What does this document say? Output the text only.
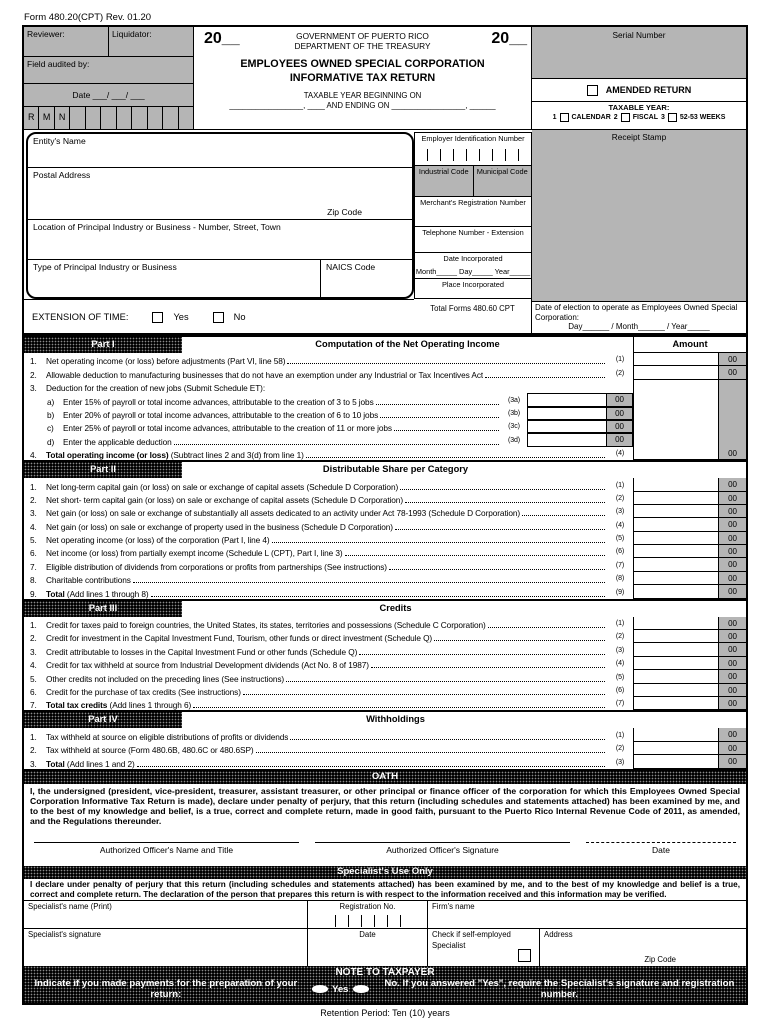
Form 480.20(CPT) Rev. 01.20
Reviewer:	Liquidator:
Field audited by:
Date ___/ ___/ ___
R M N
20__	GOVERNMENT OF PUERTO RICO
DEPARTMENT OF THE TREASURY	20__
EMPLOYEES OWNED SPECIAL CORPORATION
INFORMATIVE TAX RETURN
TAXABLE YEAR BEGINNING ON
_________________, ____ AND ENDING ON _________________, ______
Serial Number
AMENDED RETURN
TAXABLE YEAR:
1 CALENDAR 2 FISCAL 3 52-53 WEEKS
Receipt Stamp
Date of election to operate as Employees Owned Special Corporation:
Day______ / Month______ / Year_____
Entity's Name
Postal Address
Zip Code
Location of Principal Industry or Business - Number, Street, Town
Type of Principal Industry or Business	NAICS Code
Employer Identification Number
Industrial Code	Municipal Code
Merchant's Registration Number
Telephone Number - Extension
Date Incorporated
Month_____ Day_____ Year_____
Place Incorporated
Total Forms 480.60 CPT
EXTENSION OF TIME:	Yes	No
Part I	Computation of the Net Operating Income	Amount
1.	Net operating income (or loss) before adjustments (Part VI, line 58)	(1)	00
2.	Allowable deduction to manufacturing businesses that do not have an exemption under any Industrial or Tax Incentives Act	(2)	00
3.	Deduction for the creation of new jobs (Submit Schedule ET):
a)	Enter 15% of payroll or total income advances, attributable to the creation of 3 to 5 jobs	(3a)	00
b)	Enter 20% of payroll or total income advances, attributable to the creation of 6 to 10 jobs	(3b)	00
c)	Enter 25% of payroll or total income advances, attributable to the creation of 11 or more jobs	(3c)	00
d)	Enter the applicable deduction	(3d)	00
4.	Total operating income (or loss) (Subtract lines 2 and 3(d) from line 1)	(4)	00
Part II	Distributable Share per Category
1.	Net long-term capital gain (or loss) on sale or exchange of capital assets (Schedule D Corporation)	(1)	00
2.	Net short- term capital gain (or loss) on sale or exchange of capital assets (Schedule D Corporation)	(2)	00
3.	Net gain (or loss) on sale or exchange of substantially all assets dedicated to an activity under Act 78-1993 (Schedule D Corporation)	(3)	00
4.	Net gain (or loss) on sale or exchange of property used in the business (Schedule D Corporation)	(4)	00
5.	Net operating income (or loss) of the corporation (Part I, line 4)	(5)	00
6.	Net income (or loss) from partially exempt income (Schedule L (CPT), Part I, line 3)	(6)	00
7.	Eligible distribution of dividends from corporations or profits from partnerships (See instructions)	(7)	00
8.	Charitable contributions	(8)	00
9.	Total (Add lines 1 through 8)	(9)	00
Part III	Credits
1.	Credit for taxes paid to foreign countries, the United States, its states, territories and possessions (Schedule C Corporation)	(1)	00
2.	Credit for investment in the Capital Investment Fund, Tourism, other funds or direct investment (Schedule Q)	(2)	00
3.	Credit attributable to losses in the Capital Investment Fund or other funds (Schedule Q)	(3)	00
4.	Credit for tax withheld at source from Industrial Development dividends (Act No. 8 of 1987)	(4)	00
5.	Other credits not included on the preceding lines (See instructions)	(5)	00
6.	Credit for the purchase of tax credits (See instructions)	(6)	00
7.	Total tax credits (Add lines 1 through 6)	(7)	00
Part IV	Withholdings
1.	Tax withheld at source on eligible distributions of profits or dividends	(1)	00
2.	Tax withheld at source (Form 480.6B, 480.6C or 480.6SP)	(2)	00
3.	Total (Add lines 1 and 2)	(3)	00
OATH
I, the undersigned (president, vice-president, treasurer, assistant treasurer, or other principal or finance officer of the corporation for which this Employees Owned Special Corporation Informative Tax Return is made), declare under penalty of perjury, that this return (including schedules and statements attached) has been examined by me, and to the best of my knowledge and belief, is a true, correct and complete return, made in good faith, pursuant to the Puerto Rico Internal Revenue Code of 2011, as amended, and the Regulations thereunder.
Authorized Officer's Name and Title	Authorized Officer's Signature	Date
Specialist's Use Only
I declare under penalty of perjury that this return (including schedules and statements attached) has been examined by me, and to the best of my knowledge and belief is a true, correct and complete return. The declaration of the person that prepares this return is with respect to the information received and this information may be verified.
Specialist's name (Print)	Registration No.	Firm's name
Specialist's signature	Date	Check if self-employed
Specialist
Address
Zip Code
NOTE TO TAXPAYER
Indicate if you made payments for the preparation of your return:	Yes	No. If you answered "Yes", require the Specialist's signature and registration number.
Retention Period: Ten (10) years
